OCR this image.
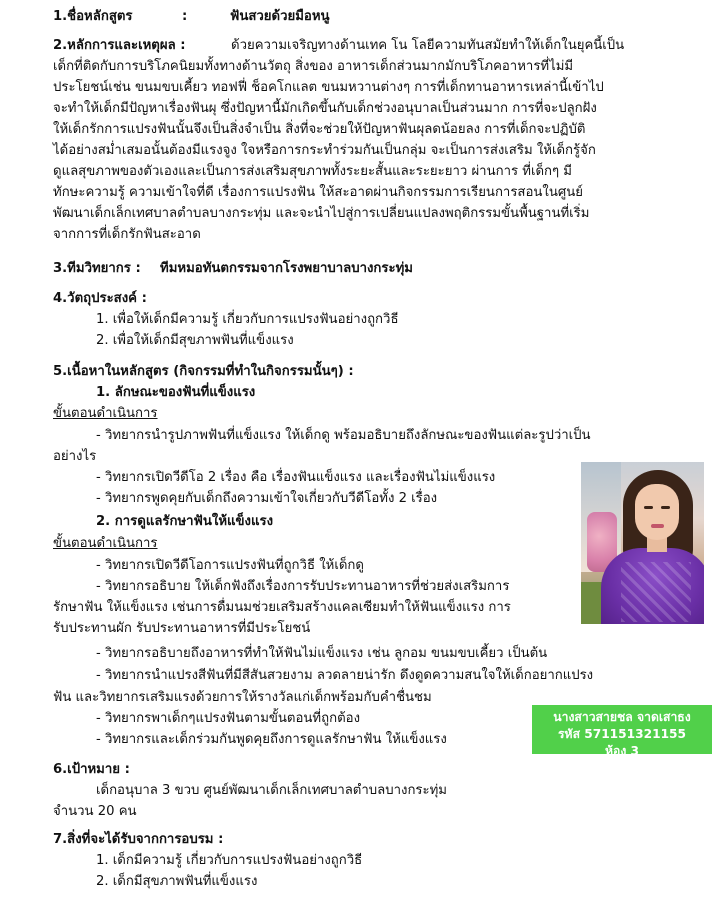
1.ชื่อหลักสูตร	:	ฟันสวยด้วยมือหนู
2.หลักการและเหตุผล :	ด้วยความเจริญทางด้านเทค โน โลยีความทันสมัยทำให้เด็กในยุคนี้เป็น
เด็กที่ติดกับการบริโภคนิยมทั้งทางด้านวัตถุ สิ่งของ อาหารเด็กส่วนมากมักบริโภคอาหารที่ไม่มี
ประโยชน์เช่น ขนมขบเคี้ยว ทอฟฟี่ ช็อคโกแลต ขนมหวานต่างๆ การที่เด็กทานอาหารเหล่านี้เข้าไป
จะทำให้เด็กมีปัญหาเรื่องฟันผุ ซึ่งปัญหานี้มักเกิดขึ้นกับเด็กช่วงอนุบาลเป็นส่วนมาก การที่จะปลูกฝัง
ให้เด็กรักการแปรงฟันนั้นจึงเป็นสิ่งจำเป็น สิ่งที่จะช่วยให้ปัญหาฟันผุลดน้อยลง การที่เด็กจะปฏิบัติ
ได้อย่างสม่ำเสมอนั้นต้องมีแรงจูง ใจหรือการกระทำร่วมกันเป็นกลุ่ม จะเป็นการส่งเสริม ให้เด็กรู้จัก
ดูแลสุขภาพของตัวเองและเป็นการส่งเสริมสุขภาพทั้งระยะสั้นและระยะยาว ผ่านการ ที่เด็กๆ มี
ทักษะความรู้ ความเข้าใจที่ดี เรื่องการแปรงฟัน ให้สะอาดผ่านกิจกรรมการเรียนการสอนในศูนย์
พัฒนาเด็กเล็กเทศบาลตำบลบางกระทุ่ม และจะนำไปสู่การเปลี่ยนแปลงพฤติกรรมขั้นพื้นฐานที่เริ่ม
จากการที่เด็กรักฟันสะอาด
3.ทีมวิทยากร : ทีมหมอทันตกรรมจากโรงพยาบาลบางกระทุ่ม
4.วัตถุประสงค์ :
1. เพื่อให้เด็กมีความรู้ เกี่ยวกับการแปรงฟันอย่างถูกวิธี
2. เพื่อให้เด็กมีสุขภาพฟันที่แข็งแรง
5.เนื้อหาในหลักสูตร (กิจกรรมที่ทำในกิจกรรมนั้นๆ) :
1. ลักษณะของฟันที่แข็งแรง
ขั้นตอนดำเนินการ
- วิทยากรนำรูปภาพฟันที่แข็งแรง ให้เด็กดู พร้อมอธิบายถึงลักษณะของฟันแต่ละรูปว่าเป็น
อย่างไร
- วิทยากรเปิดวีดีโอ 2 เรื่อง คือ เรื่องฟันแข็งแรง และเรื่องฟันไม่แข็งแรง
- วิทยากรพูดคุยกับเด็กถึงความเข้าใจเกี่ยวกับวีดีโอทั้ง 2 เรื่อง
2. การดูแลรักษาฟันให้แข็งแรง
ขั้นตอนดำเนินการ
- วิทยากรเปิดวีดีโอการแปรงฟันที่ถูกวิธี ให้เด็กดู
- วิทยากรอธิบาย ให้เด็กฟังถึงเรื่องการรับประทานอาหารที่ช่วยส่งเสริมการ
รักษาฟัน ให้แข็งแรง เช่นการดื่มนมช่วยเสริมสร้างแคลเซียมทำให้ฟันแข็งแรง การ
รับประทานผัก รับประทานอาหารที่มีประโยชน์
- วิทยากรอธิบายถึงอาหารที่ทำให้ฟันไม่แข็งแรง เช่น ลูกอม ขนมขบเคี้ยว เป็นต้น
- วิทยากรนำแปรงสีฟันที่มีสีสันสวยงาม ลวดลายน่ารัก ดึงดูดความสนใจให้เด็กอยากแปรง
ฟัน และวิทยากรเสริมแรงด้วยการให้รางวัลแก่เด็กพร้อมกับคำชื่นชม
- วิทยากรพาเด็กๆแปรงฟันตามขั้นตอนที่ถูกต้อง
- วิทยากรและเด็กร่วมกันพูดคุยถึงการดูแลรักษาฟัน ให้แข็งแรง
6.เป้าหมาย :
เด็กอนุบาล 3 ขวบ ศูนย์พัฒนาเด็กเล็กเทศบาลตำบลบางกระทุ่ม
จำนวน 20 คน
7.สิ่งที่จะได้รับจากการอบรม :
1. เด็กมีความรู้ เกี่ยวกับการแปรงฟันอย่างถูกวิธี
2. เด็กมีสุขภาพฟันที่แข็งแรง
นางสาวสายชล จาดเสาธง
รหัส 571151321155
ห้อง 3
